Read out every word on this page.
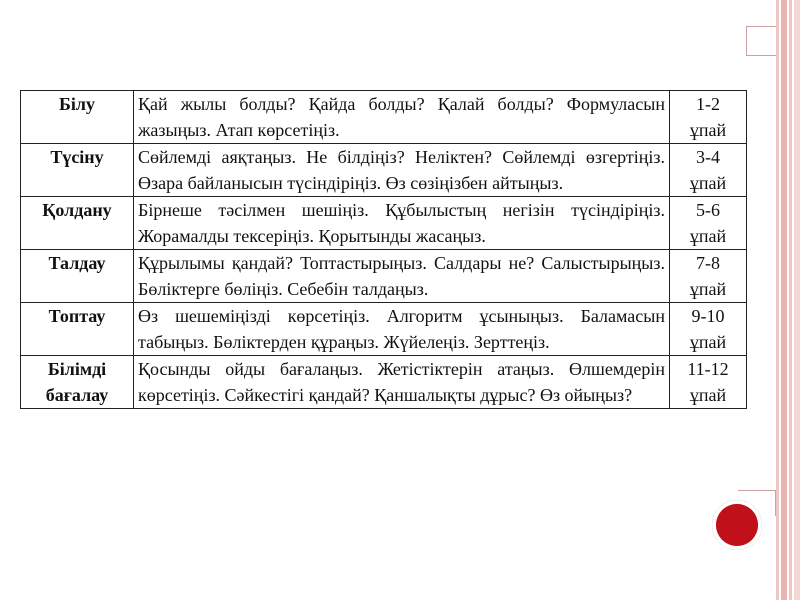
Білу	Қай жылы болды? Қайда болды? Қалай болды? Формуласын жазыңыз. Атап көрсетіңіз.	1-2
ұпай

Түсіну	Сөйлемді аяқтаңыз. Не білдіңіз? Неліктен? Сөйлемді өзгертіңіз. Өзара байланысын түсіндіріңіз. Өз сөзіңізбен айтыңыз.	3-4
ұпай

Қолдану	Бірнеше тәсілмен шешіңіз. Құбылыстың негізін түсіндіріңіз. Жорамалды тексеріңіз. Қорытынды жасаңыз.	5-6
ұпай

Талдау	Құрылымы қандай? Топтастырыңыз. Салдары не? Салыстырыңыз. Бөліктерге бөліңіз. Себебін талдаңыз.	7-8
ұпай

Топтау	Өз шешеміңізді көрсетіңіз. Алгоритм ұсыныңыз. Баламасын табыңыз. Бөліктерден құраңыз. Жүйелеңіз. Зерттеңіз.	9-10
ұпай

Білімді
бағалау	Қосынды ойды бағалаңыз. Жетістіктерін атаңыз. Өлшемдерін көрсетіңіз. Сәйкестігі қандай? Қаншалықты дұрыс? Өз ойыңыз?	11-12
ұпай
